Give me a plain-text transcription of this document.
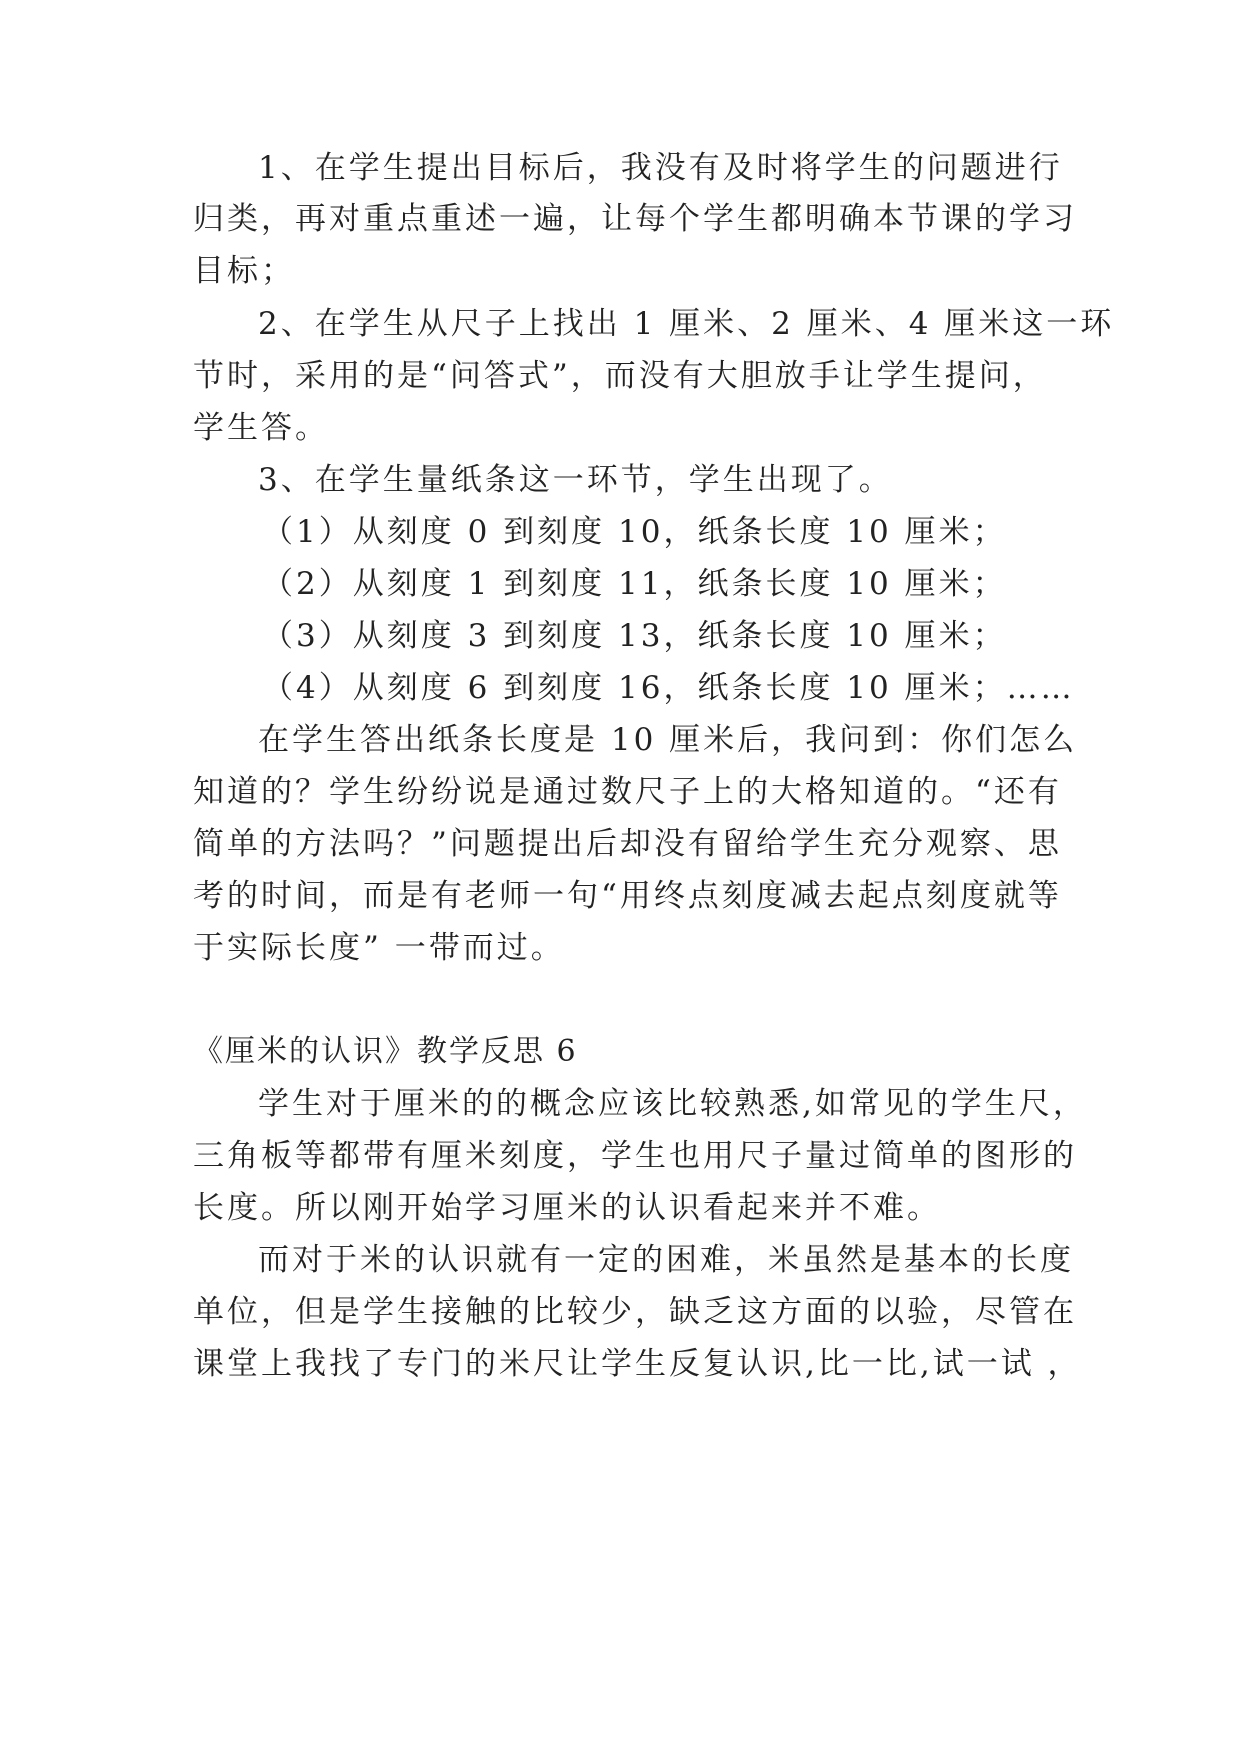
1、在学生提出目标后，我没有及时将学生的问题进行
归类，再对重点重述一遍，让每个学生都明确本节课的学习
目标；
2、在学生从尺子上找出 1 厘米、2 厘米、4 厘米这一环
节时，采用的是“问答式”，而没有大胆放手让学生提问，
学生答。
3、在学生量纸条这一环节，学生出现了。
（1）从刻度 0 到刻度 10，纸条长度 10 厘米；
（2）从刻度 1 到刻度 11，纸条长度 10 厘米；
（3）从刻度 3 到刻度 13，纸条长度 10 厘米；
（4）从刻度 6 到刻度 16，纸条长度 10 厘米；……
在学生答出纸条长度是 10 厘米后，我问到：你们怎么
知道的？学生纷纷说是通过数尺子上的大格知道的。“还有
简单的方法吗？”问题提出后却没有留给学生充分观察、思
考的时间，而是有老师一句“用终点刻度减去起点刻度就等
于实际长度” 一带而过。
《厘米的认识》教学反思 6
学生对于厘米的的概念应该比较熟悉,如常见的学生尺，
三角板等都带有厘米刻度，学生也用尺子量过简单的图形的
长度。所以刚开始学习厘米的认识看起来并不难。
而对于米的认识就有一定的困难，米虽然是基本的长度
单位，但是学生接触的比较少，缺乏这方面的以验，尽管在
课堂上我找了专门的米尺让学生反复认识,比一比,试一试 ，
